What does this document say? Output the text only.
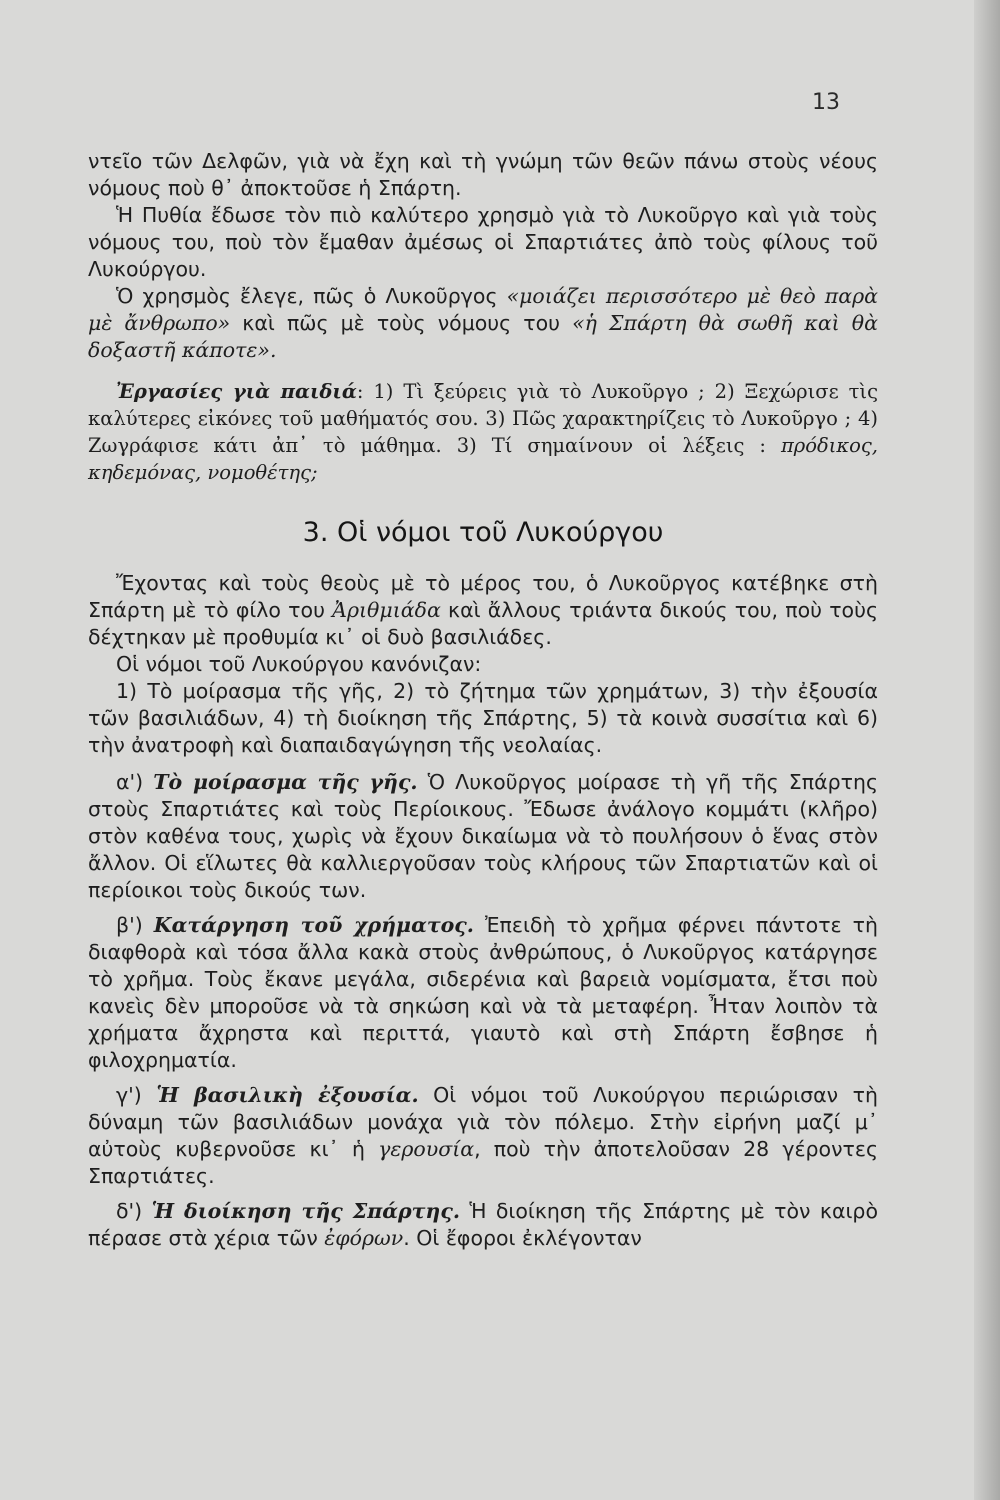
13

ντεῖο τῶν Δελφῶν, γιὰ νὰ ἔχη καὶ τὴ γνώμη τῶν θεῶν πάνω στοὺς νέους νόμους ποὺ θ᾽ ἀποκτοῦσε ἡ Σπάρτη.

Ἡ Πυθία ἔδωσε τὸν πιὸ καλύτερο χρησμὸ γιὰ τὸ Λυκοῦργο καὶ γιὰ τοὺς νόμους του, ποὺ τὸν ἔμαθαν ἀμέσως οἱ Σπαρτιάτες ἀπὸ τοὺς φίλους τοῦ Λυκούργου.

Ὁ χρησμὸς ἔλεγε, πῶς ὁ Λυκοῦργος «μοιάζει περισσότερο μὲ θεὸ παρὰ μὲ ἄνθρωπο» καὶ πῶς μὲ τοὺς νόμους του «ἡ Σπάρτη θὰ σωθῆ καὶ θὰ δοξαστῆ κάποτε».

Ἐργασίες γιὰ παιδιά: 1) Τὶ ξεύρεις γιὰ τὸ Λυκοῦργο ; 2) Ξεχώρισε τὶς καλύτερες εἰκόνες τοῦ μαθήματός σου. 3) Πῶς χαρακτηρίζεις τὸ Λυκοῦργο ; 4) Ζωγράφισε κάτι ἀπ᾽ τὸ μάθημα. 3) Τί σημαίνουν οἱ λέξεις : πρόδικος, κηδεμόνας, νομοθέτης;

3. Οἱ νόμοι τοῦ Λυκούργου

Ἔχοντας καὶ τοὺς θεοὺς μὲ τὸ μέρος του, ὁ Λυκοῦργος κατέβηκε στὴ Σπάρτη μὲ τὸ φίλο του Ἀριθμιάδα καὶ ἄλλους τριάντα δικούς του, ποὺ τοὺς δέχτηκαν μὲ προθυμία κι᾽ οἱ δυὸ βασιλιάδες.

Οἱ νόμοι τοῦ Λυκούργου κανόνιζαν:

1) Τὸ μοίρασμα τῆς γῆς, 2) τὸ ζήτημα τῶν χρημάτων, 3) τὴν ἐξουσία τῶν βασιλιάδων, 4) τὴ διοίκηση τῆς Σπάρτης, 5) τὰ κοινὰ συσσίτια καὶ 6) τὴν ἀνατροφὴ καὶ διαπαιδαγώγηση τῆς νεολαίας.

α') Τὸ μοίρασμα τῆς γῆς. Ὁ Λυκοῦργος μοίρασε τὴ γῆ τῆς Σπάρτης στοὺς Σπαρτιάτες καὶ τοὺς Περίοικους. Ἔδωσε ἀνάλογο κομμάτι (κλῆρο) στὸν καθένα τους, χωρὶς νὰ ἔχουν δικαίωμα νὰ τὸ πουλήσουν ὁ ἕνας στὸν ἄλλον. Οἱ εἵλωτες θὰ καλλιεργοῦσαν τοὺς κλήρους τῶν Σπαρτιατῶν καὶ οἱ περίοικοι τοὺς δικούς των.

β') Κατάργηση τοῦ χρήματος. Ἐπειδὴ τὸ χρῆμα φέρνει πάντοτε τὴ διαφθορὰ καὶ τόσα ἄλλα κακὰ στοὺς ἀνθρώπους, ὁ Λυκοῦργος κατάργησε τὸ χρῆμα. Τοὺς ἔκανε μεγάλα, σιδερένια καὶ βαρειὰ νομίσματα, ἔτσι ποὺ κανεὶς δὲν μποροῦσε νὰ τὰ σηκώση καὶ νὰ τὰ μεταφέρη. Ἦταν λοιπὸν τὰ χρήματα ἄχρηστα καὶ περιττά, γιαυτὸ καὶ στὴ Σπάρτη ἔσβησε ἡ φιλοχρηματία.

γ') Ἡ βασιλικὴ ἐξουσία. Οἱ νόμοι τοῦ Λυκούργου περιώρισαν τὴ δύναμη τῶν βασιλιάδων μονάχα γιὰ τὸν πόλεμο. Στὴν εἰρήνη μαζί μ᾽ αὐτοὺς κυβερνοῦσε κι᾽ ἡ γερουσία, ποὺ τὴν ἀποτελοῦσαν 28 γέροντες Σπαρτιάτες.

δ') Ἡ διοίκηση τῆς Σπάρτης. Ἡ διοίκηση τῆς Σπάρτης μὲ τὸν καιρὸ πέρασε στὰ χέρια τῶν ἐφόρων. Οἱ ἔφοροι ἐκλέγονταν
